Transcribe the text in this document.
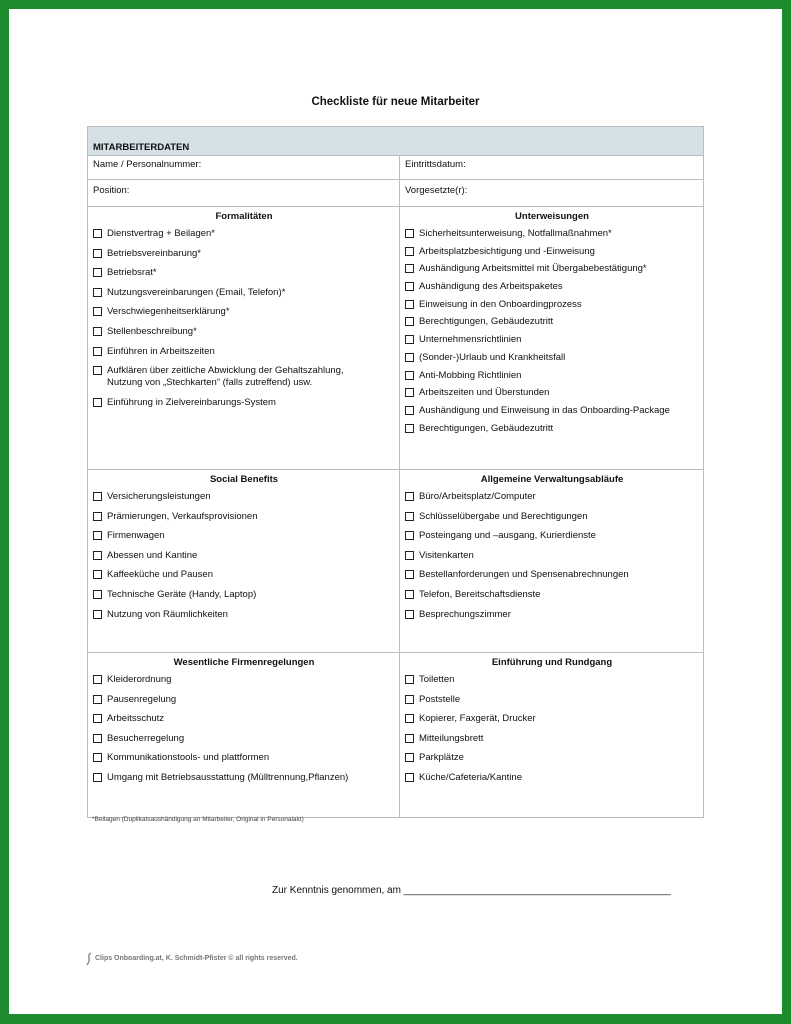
Checkliste für neue Mitarbeiter
MITARBEITERDATEN
Name / Personalnummer:	Eintrittsdatum:
Position:	Vorgesetzte(r):
Formalitäten
Dienstvertrag + Beilagen*
Betriebsvereinbarung*
Betriebsrat*
Nutzungsvereinbarungen (Email, Telefon)*
Verschwiegenheitserklärung*
Stellenbeschreibung*
Einführen in Arbeitszeiten
Aufklären über zeitliche Abwicklung der Gehaltszahlung,
Nutzung von „Stechkarten“ (falls zutreffend) usw.
Einführung in Zielvereinbarungs-System
Unterweisungen
Sicherheitsunterweisung, Notfallmaßnahmen*
Arbeitsplatzbesichtigung und -Einweisung
Aushändigung Arbeitsmittel mit Übergabebestätigung*
Aushändigung des Arbeitspaketes
Einweisung in den Onboardingprozess
Berechtigungen, Gebäudezutritt
Unternehmensrichtlinien
(Sonder-)Urlaub und Krankheitsfall
Anti-Mobbing Richtlinien
Arbeitszeiten und Überstunden
Aushändigung und Einweisung in das Onboarding-Package
Berechtigungen, Gebäudezutritt
Social Benefits
Versicherungsleistungen
Prämierungen, Verkaufsprovisionen
Firmenwagen
Abessen und Kantine
Kaffeeküche und Pausen
Technische Geräte (Handy, Laptop)
Nutzung von Räumlichkeiten
Allgemeine Verwaltungsabläufe
Büro/Arbeitsplatz/Computer
Schlüsselübergabe und Berechtigungen
Posteingang und –ausgang, Kurierdienste
Visitenkarten
Bestellanforderungen und Spensenabrechnungen
Telefon, Bereitschaftsdienste
Besprechungszimmer
Wesentliche Firmenregelungen
Kleiderordnung
Pausenregelung
Arbeitsschutz
Besucherregelung
Kommunikationstools- und plattformen
Umgang mit Betriebsausstattung (Mülltrennung,Pflanzen)
Einführung und Rundgang
Toiletten
Poststelle
Kopierer, Faxgerät, Drucker
Mitteilungsbrett
Parkplätze
Küche/Cafeteria/Kantine
*Beilagen (Duplikatsaushändigung an Mitarbeiter, Original in Personalakt)
Zur Kenntnis genommen, am ________________________________________________
Clips Onboarding.at, K. Schmidt-Pfister © all rights reserved.
